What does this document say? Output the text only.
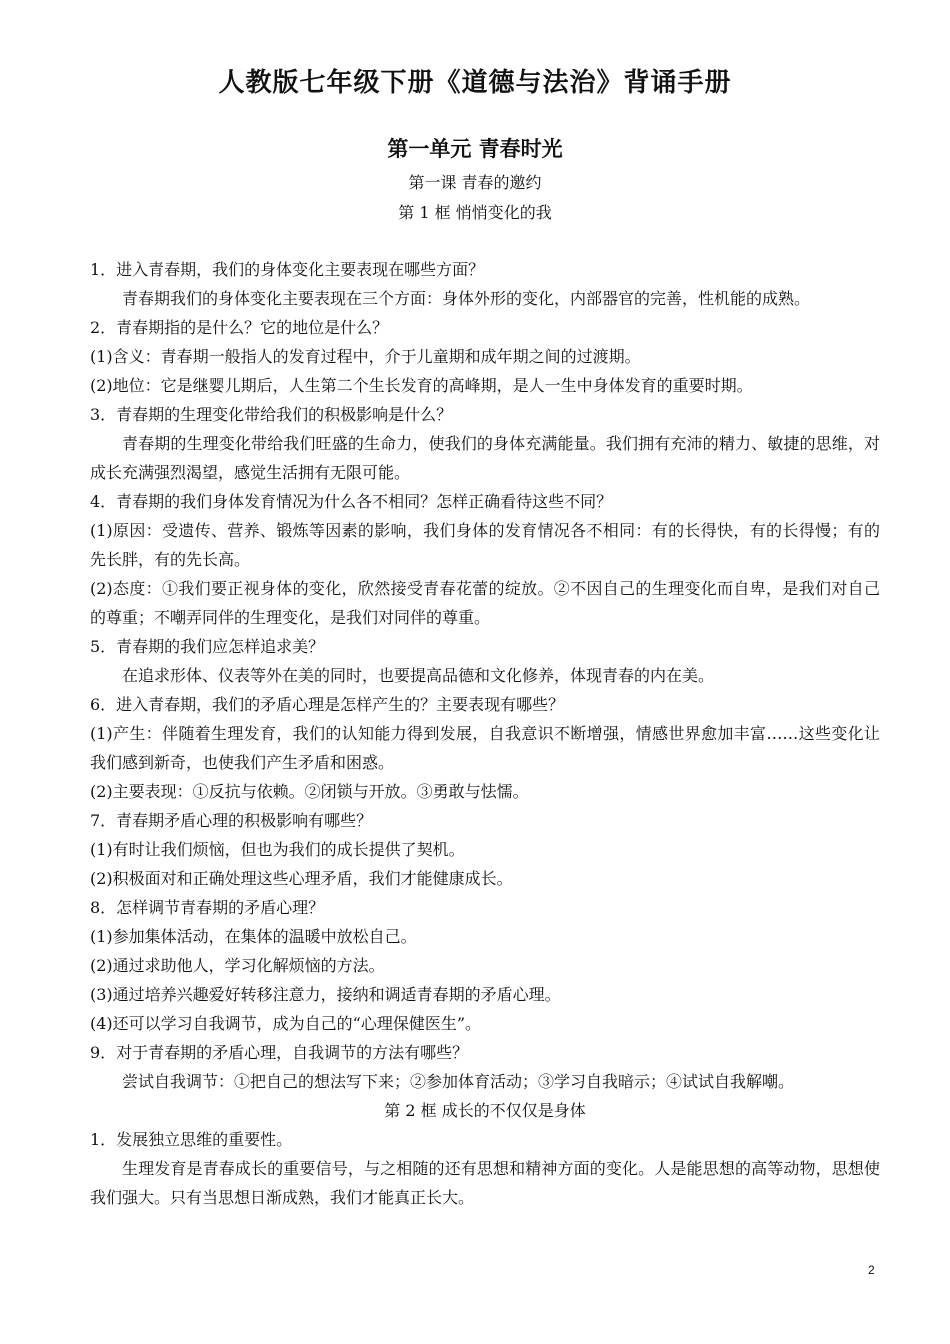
人教版七年级下册《道德与法治》背诵手册
第一单元 青春时光

第一课 青春的邀约

第 1 框 悄悄变化的我

1．进入青春期，我们的身体变化主要表现在哪些方面？

青春期我们的身体变化主要表现在三个方面：身体外形的变化，内部器官的完善，性机能的成熟。

2．青春期指的是什么？它的地位是什么？

(1)含义：青春期一般指人的发育过程中，介于儿童期和成年期之间的过渡期。

(2)地位：它是继婴儿期后，人生第二个生长发育的高峰期，是人一生中身体发育的重要时期。

3．青春期的生理变化带给我们的积极影响是什么？

青春期的生理变化带给我们旺盛的生命力，使我们的身体充满能量。我们拥有充沛的精力、敏捷的思维，对成长充满强烈渴望，感觉生活拥有无限可能。

4．青春期的我们身体发育情况为什么各不相同？怎样正确看待这些不同？

(1)原因：受遗传、营养、锻炼等因素的影响，我们身体的发育情况各不相同：有的长得快，有的长得慢；有的先长胖，有的先长高。

(2)态度：①我们要正视身体的变化，欣然接受青春花蕾的绽放。②不因自己的生理变化而自卑，是我们对自己的尊重；不嘲弄同伴的生理变化，是我们对同伴的尊重。

5．青春期的我们应怎样追求美？

在追求形体、仪表等外在美的同时，也要提高品德和文化修养，体现青春的内在美。

6．进入青春期，我们的矛盾心理是怎样产生的？主要表现有哪些？

(1)产生：伴随着生理发育，我们的认知能力得到发展，自我意识不断增强，情感世界愈加丰富……这些变化让我们感到新奇，也使我们产生矛盾和困惑。

(2)主要表现：①反抗与依赖。②闭锁与开放。③勇敢与怯懦。

7．青春期矛盾心理的积极影响有哪些？

(1)有时让我们烦恼，但也为我们的成长提供了契机。

(2)积极面对和正确处理这些心理矛盾，我们才能健康成长。

8．怎样调节青春期的矛盾心理？

(1)参加集体活动，在集体的温暖中放松自己。

(2)通过求助他人，学习化解烦恼的方法。

(3)通过培养兴趣爱好转移注意力，接纳和调适青春期的矛盾心理。

(4)还可以学习自我调节，成为自己的“心理保健医生”。

9．对于青春期的矛盾心理，自我调节的方法有哪些？

尝试自我调节：①把自己的想法写下来；②参加体育活动；③学习自我暗示；④试试自我解嘲。

第 2 框 成长的不仅仅是身体

1．发展独立思维的重要性。

生理发育是青春成长的重要信号，与之相随的还有思想和精神方面的变化。人是能思想的高等动物，思想使我们强大。只有当思想日渐成熟，我们才能真正长大。

2
